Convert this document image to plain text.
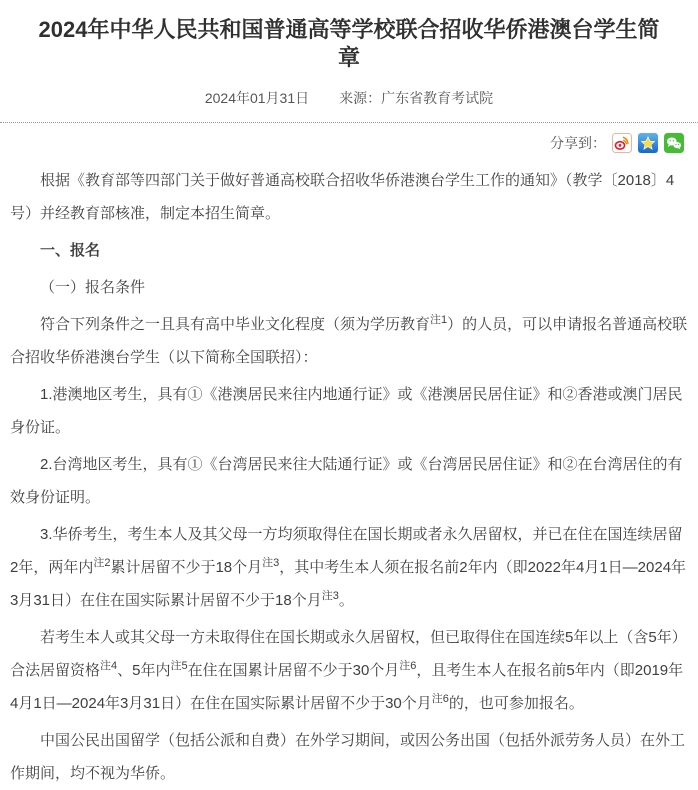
2024年中华人民共和国普通高等学校联合招收华侨港澳台学生简章
2024年01月31日 来源：广东省教育考试院
分享到：

根据《教育部等四部门关于做好普通高校联合招收华侨港澳台学生工作的通知》（教学〔2018〕4号）并经教育部核准，制定本招生简章。

一、报名

（一）报名条件

符合下列条件之一且具有高中毕业文化程度（须为学历教育$^{注1}$）的人员，可以申请报名普通高校联合招收华侨港澳台学生（以下简称全国联招）：

1.港澳地区考生，具有①《港澳居民来往内地通行证》或《港澳居民居住证》和②香港或澳门居民身份证。

2.台湾地区考生，具有①《台湾居民来往大陆通行证》或《台湾居民居住证》和②在台湾居住的有效身份证明。

3.华侨考生，考生本人及其父母一方均须取得住在国长期或者永久居留权，并已在住在国连续居留2年，两年内$^{注2}$累计居留不少于18个月$^{注3}$，其中考生本人须在报名前2年内（即2022年4月1日—2024年3月31日）在住在国实际累计居留不少于18个月$^{注3}$。

若考生本人或其父母一方未取得住在国长期或永久居留权，但已取得住在国连续5年以上（含5年）合法居留资格$^{注4}$、5年内$^{注5}$在住在国累计居留不少于30个月$^{注6}$，且考生本人在报名前5年内（即2019年4月1日—2024年3月31日）在住在国实际累计居留不少于30个月$^{注6}$的，也可参加报名。

中国公民出国留学（包括公派和自费）在外学习期间，或因公务出国（包括外派劳务人员）在外工作期间，均不视为华侨。
